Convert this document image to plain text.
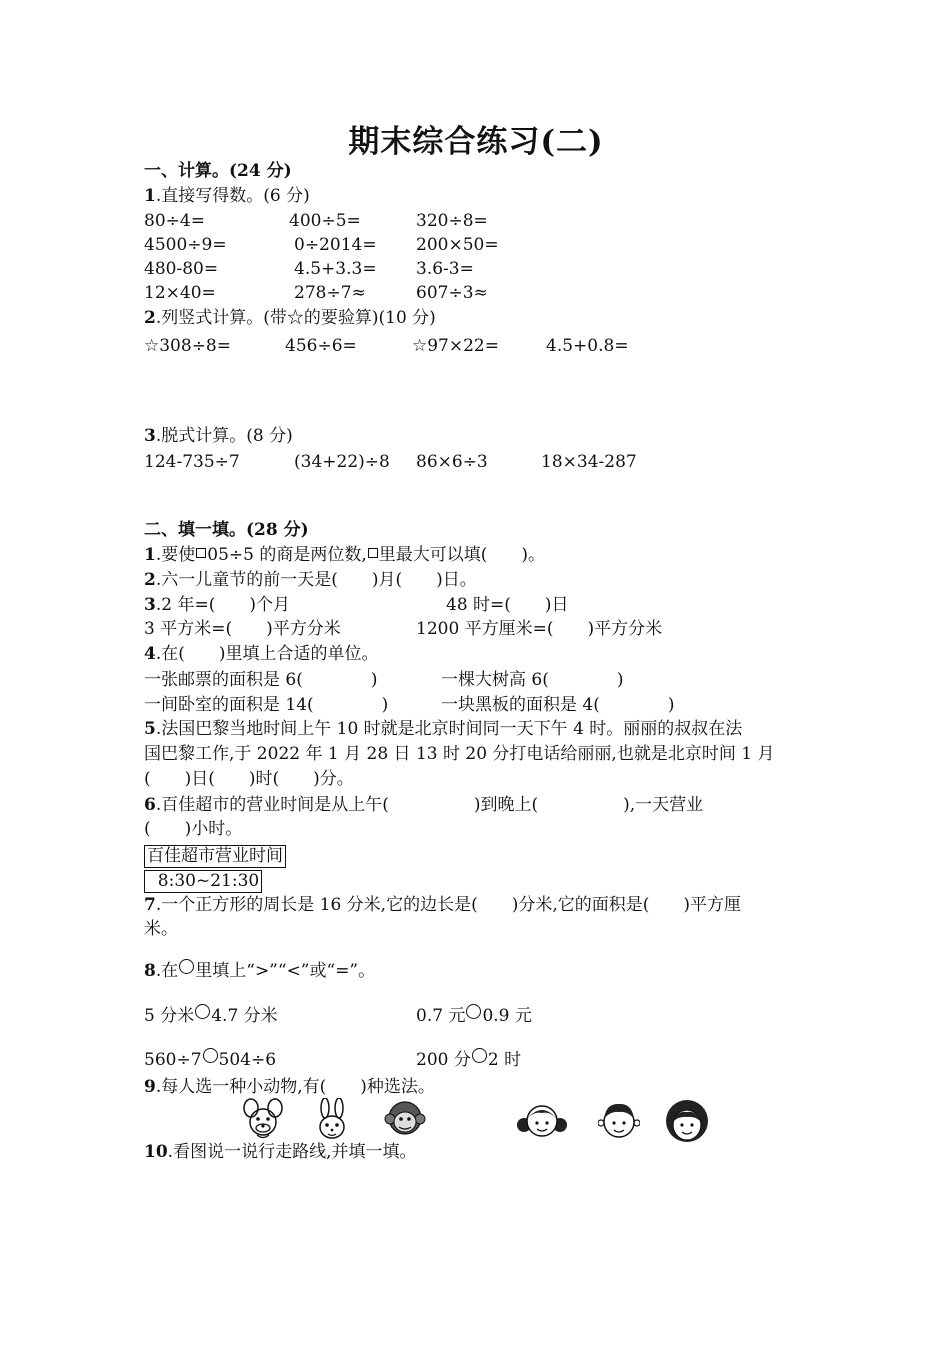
期末综合练习(二)
一、计算。(24 分)
1.直接写得数。(6 分)
80÷4=	400÷5=	320÷8=
4500÷9=	0÷2014= 200×50=
480-80=	4.5+3.3= 3.6-3=
12×40=	278÷7≈	607÷3≈
2.列竖式计算。(带☆的要验算)(10 分)
☆308÷8=	456÷6=	☆97×22=	4.5+0.8=
3.脱式计算。(8 分)
124-735÷7	(34+22)÷8 86×6÷3	18×34-287
二、填一填。(28 分)
1.要使 05÷5 的商是两位数, 里最大可以填(　　)。
2.六一儿童节的前一天是(　　)月(　　)日。
3.2 年=(　　)个月	48 时=(　　)日
3 平方米=(　　)平方分米	1200 平方厘米=(　　)平方分米
4.在(　　)里填上合适的单位。
一张邮票的面积是 6(　　　　)	一棵大树高 6(　　　　)
一间卧室的面积是 14(　　　　)	一块黑板的面积是 4(　　　　)
5.法国巴黎当地时间上午 10 时就是北京时间同一天下午 4 时。丽丽的叔叔在法
国巴黎工作,于 2022 年 1 月 28 日 13 时 20 分打电话给丽丽,也就是北京时间 1 月
(　　)日(　　)时(　　)分。
6.百佳超市的营业时间是从上午(　　　　　)到晚上(　　　　　),一天营业
(　　)小时。
百佳超市营业时间
8:30~21:30
7.一个正方形的周长是 16 分米,它的边长是(　　)分米,它的面积是(　　)平方厘
米。
8.在 里填上“>”“<”或“=”。
5 分米 4.7 分米	0.7 元 0.9 元
560÷7 504÷6	200 分 2 时
9.每人选一种小动物,有(　　)种选法。
10.看图说一说行走路线,并填一填。
